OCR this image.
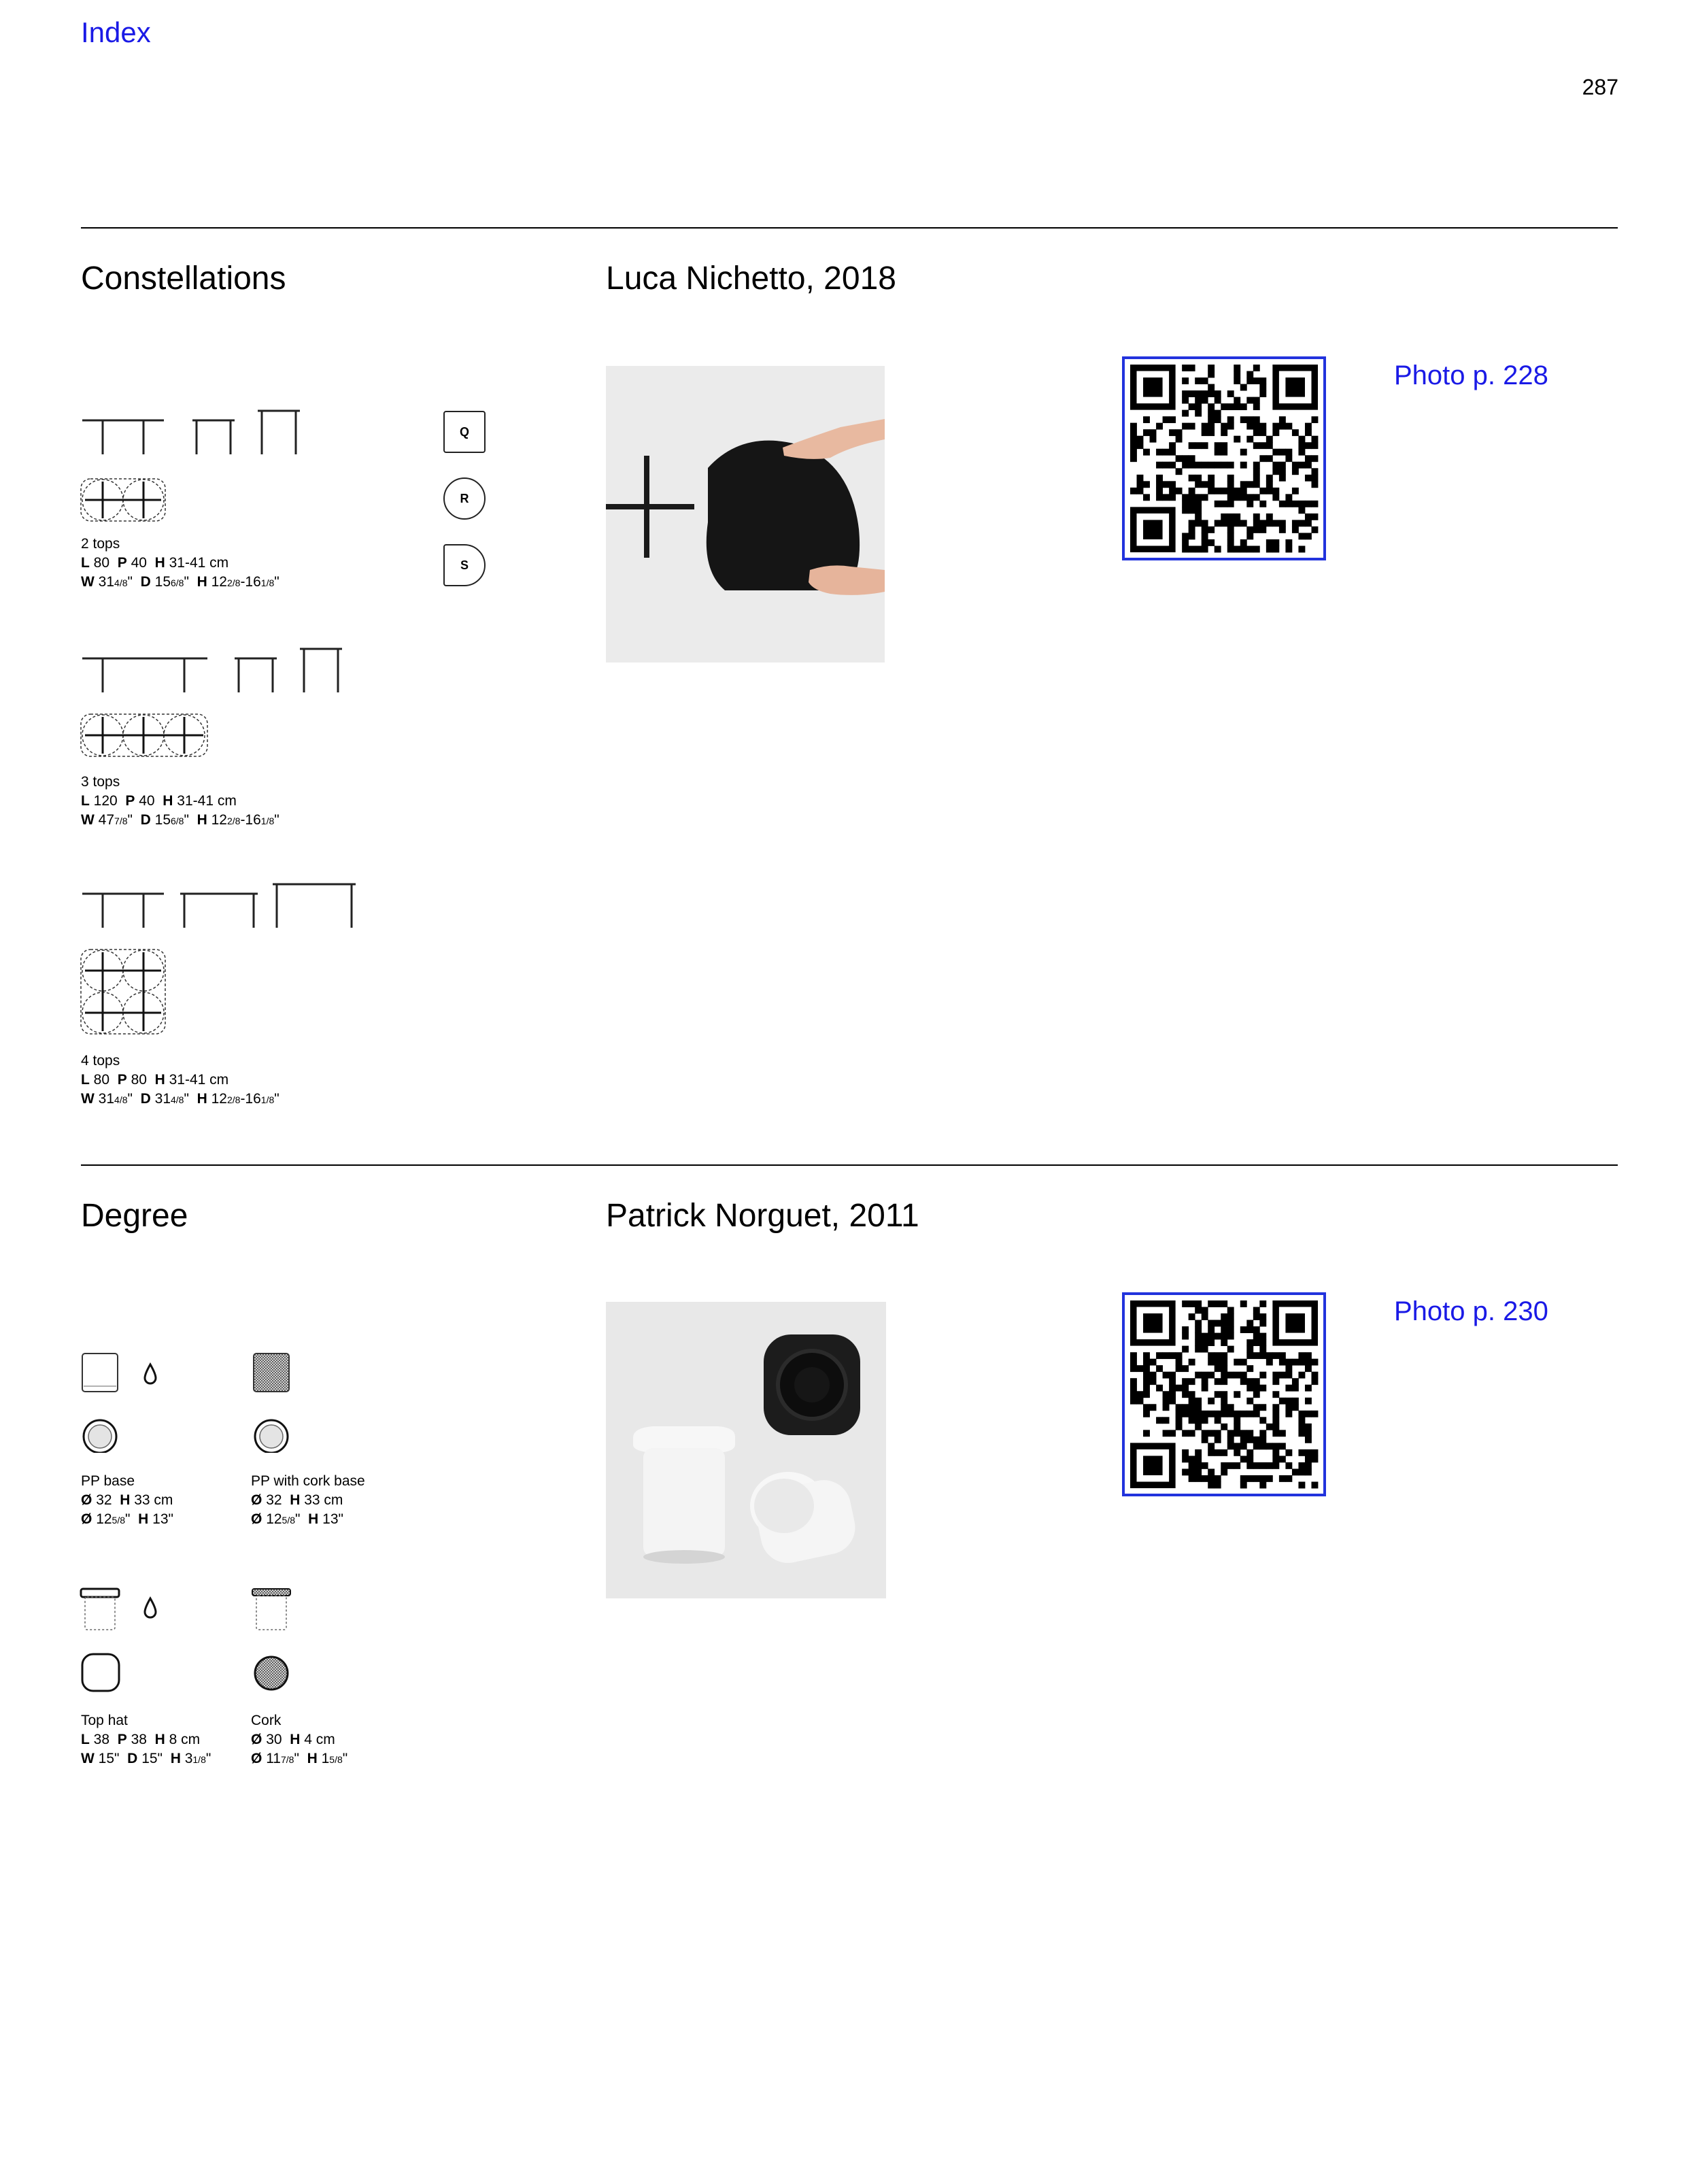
Index
287
Constellations	Luca Nichetto, 2018
Photo p. 228
Q
R
S
2 tops
L 80 P 40 H 31-41 cm
W 314/8"  D 156/8"  H 122/8-161/8"
3 tops
L 120 P 40 H 31-41 cm
W 477/8"  D 156/8"  H 122/8-161/8"
4 tops
L 80 P 80 H 31-41 cm
W 314/8"  D 314/8"  H 122/8-161/8"
Degree	Patrick Norguet, 2011
Photo p. 230
PP base
Ø 32 H 33 cm
Ø 125/8"  H 13"
PP with cork base
Ø 32 H 33 cm
Ø 125/8"  H 13"
Top hat
L 38 P 38 H 8 cm
W 15" D 15" H 31/8"
Cork
Ø 30 H 4 cm
Ø 117/8"  H 15/8"
